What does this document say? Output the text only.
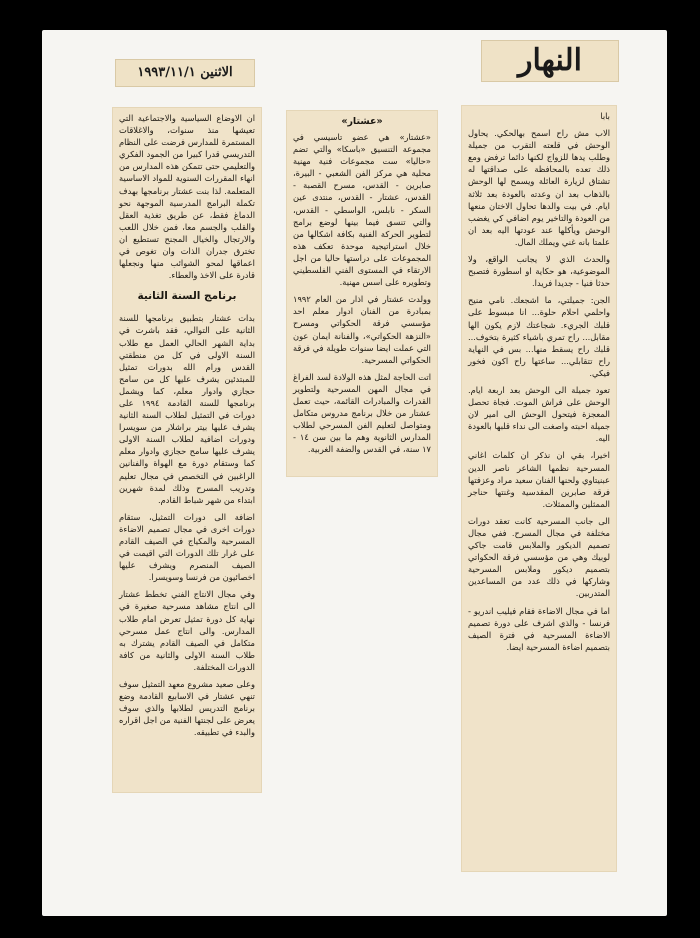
النهار
الاثنين ١٩٩٣/١١/١

ان الاوضاع السياسية والاجتماعية التي تعيشها منذ سنوات، والاغلاقات المستمرة للمدارس فرضت على النظام التدريسي قدرا كبيرا من الجمود الفكري والتعليمي حتى تتمكن هذه المدارس من انهاء المقررات السنوية للمواد الاساسية المتعلمة. لذا بنت عشتار برنامجها بهدف تكملة البرامج المدرسية الموجهة نحو الدماغ فقط، عن طريق تغذية العقل والقلب والجسم معا، فمن خلال اللعب والارتجال والخيال المجنح تستطيع ان تخترق جدران الذات وان تغوص في اعماقها لمحو الشوائب منها ونجعلها قادرة على الاخذ والعطاء.

برنامج السنة الثانية

بدات عشتار بتطبيق برنامجها للسنة الثانية على التوالي، فقد باشرت في بداية الشهر الحالي العمل مع طلاب السنة الاولى في كل من منطقتي القدس ورام الله بدورات تمثيل للمبتدئين يشرف عليها كل من سامح حجازي وادوار معلم، كما ويشمل برنامجها للسنة القادمة ١٩٩٤ على دورات في التمثيل لطلاب السنة الثانية يشرف عليها بيتر براشلار من سويسرا ودورات اضافية لطلاب السنة الاولى يشرف عليها سامح حجازي وادوار معلم كما وستقام دورة مع الهواة والفنانين الراغبين في التخصص في مجال تعليم وتدريب المسرح وذلك لمدة شهرين ابتداء من شهر شباط القادم.

اضافة الى دورات التمثيل، ستقام دورات اخرى في مجال تصميم الاضاءة المسرحية والمكياج في الصيف القادم على غرار تلك الدورات التي اقيمت في الصيف المنصرم ويشرف عليها اخصائيون من فرنسا وسويسرا.

وفي مجال الانتاج الفني تخطط عشتار الى انتاج مشاهد مسرحية صغيرة في نهاية كل دورة تمثيل تعرض امام طلاب المدارس. والى انتاج عمل مسرحي متكامل في الصيف القادم يشترك به طلاب السنة الاولى والثانية من كافة الدورات المختلفة.

وعلى صعيد مشروع معهد التمثيل سوف تنهي عشتار في الاسابيع القادمة وضع برنامج التدريس لطلابها والذي سوف يعرض على لجنتها الفنية من اجل اقراره والبدء في تطبيقه.

«عشتار»

«عشتار» هي عضو تاسيسي في مجموعة التنسيق «باسكا» والتي تضم «حاليا» ست مجموعات فنية مهنية محلية هي مركز الفن الشعبي - البيرة، صابرين - القدس، مسرح القصبة - القدس، عشتار - القدس، منتدى عين السكر - نابلس، الواسطي - القدس، والتي تنسق فيما بينها لوضع برامج لتطوير الحركة الفنية بكافة اشكالها من خلال استراتيجية موحدة تعكف هذه المجموعات على دراستها حاليا من اجل الارتقاء في المستوى الفني الفلسطيني وتطويره على اسس مهنية.

وولدت عشتار في اذار من العام ١٩٩٢ بمبادرة من الفنان ادوار معلم احد مؤسسي فرقة الحكواتي ومسرح «النزهة الحكواتي»، والفنانة ايمان عون التي عملت ايضا سنوات طويلة في فرقة الحكواتي المسرحية.

اتت الحاجة لمثل هذه الولادة لسد الفراغ في مجال المهن المسرحية ولتطوير القدرات والمبادرات القائمة، حيث تعمل عشتار من خلال برنامج مدروس متكامل ومتواصل لتعليم الفن المسرحي لطلاب المدارس الثانوية وهم ما بين سن ١٤ - ١٧ سنة، في القدس والضفة الغربية.

بابا

الاب مش راح اسمح بهالحكي. يحاول الوحش في قلعته التقرب من جميلة وطلب يدها للزواج لكنها دائما ترفض ومع ذلك تعده بالمحافظة على صداقتها له تشتاق لزيارة العائلة ويسمح لها الوحش بالذهاب بعد ان وعدته بالعودة بعد ثلاثة ايام. في بيت والدها تحاول الاختان منعها من العودة والتاخير يوم اضافي كي يغضب الوحش ويأكلها عند عودتها اليه بعد ان علمتا بانه غني ويملك المال.

والحدث الذي لا يجانب الواقع، ولا الموضوعية، هو حكاية او اسطورة فتصبح حدثا فنيا - جديدا فريدا.

الجن: جميلتي، ما اشجعك. نامي منيح واحلمي احلام حلوة... انا مبسوط على قلبك الجريء. شجاعتك لازم يكون الها مقابل... راح تمري باشياء كثيرة بتخوف... قلبك راح يسقط منها... بس في النهاية راح تتقابلي... ساعتها راح اكون فخور فيكي.

تعود جميلة الى الوحش بعد اربعة ايام. الوحش على فراش الموت. فجاة تحصل المعجزة فيتحول الوحش الى امير لان جميلة احبته واصغت الى نداء قلبها بالعودة اليه.

اخيرا، بقي ان نذكر ان كلمات اغاني المسرحية نظمها الشاعر ناصر الدين عبنيتاوي ولحنها الفنان سعيد مراد وعزفتها فرقة صابرين المقدسية وغنتها حناجر الممثلين والممثلات.

الى جانب المسرحية كانت تعقد دورات مختلفة في مجال المسرح. ففي مجال تصميم الديكور والملابس قامت جاكي لوبيك وهي من مؤسسي فرقة الحكواتي بتصميم ديكور وملابس المسرحية وشاركها في ذلك عدد من المساعدين المتدربين.

اما في مجال الاضاءة فقام فيليب اندريو - فرنسا - والذي اشرف على دورة تصميم الاضاءة المسرحية في فترة الصيف بتصميم اضاءة المسرحية ايضا.
